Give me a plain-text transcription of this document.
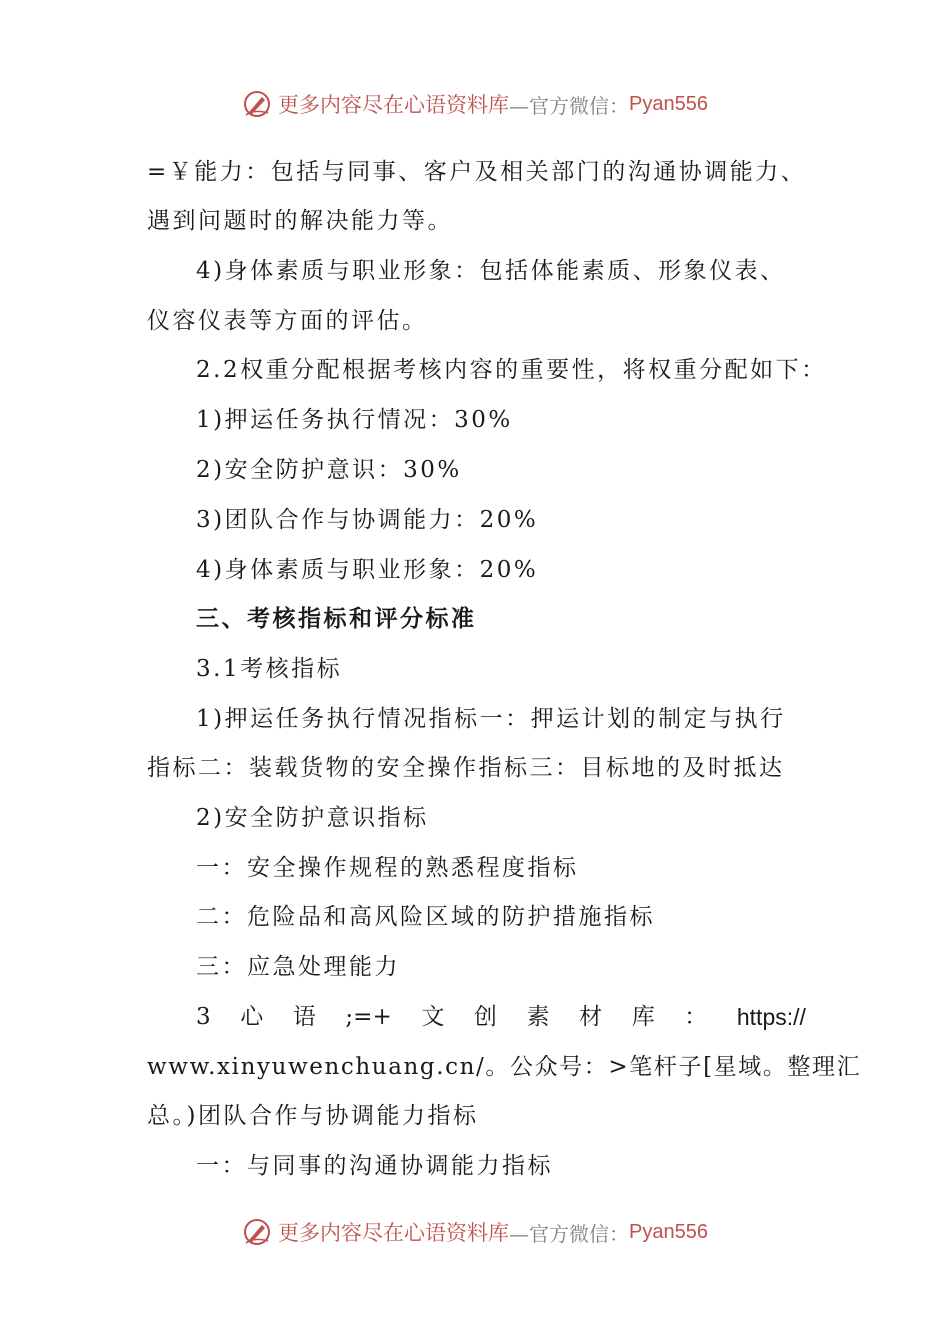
更多内容尽在心语资料库 —官方微信： Pyan556
=￥能力：包括与同事、客户及相关部门的沟通协调能力、
遇到问题时的解决能力等。
4)身体素质与职业形象：包括体能素质、形象仪表、
仪容仪表等方面的评估。
2.2权重分配根据考核内容的重要性，将权重分配如下：
1)押运任务执行情况：30%
2)安全防护意识：30%
3)团队合作与协调能力：20%
4)身体素质与职业形象：20%
三、考核指标和评分标准
3.1考核指标
1)押运任务执行情况指标一：押运计划的制定与执行
指标二：装载货物的安全操作指标三：目标地的及时抵达
2)安全防护意识指标
一：安全操作规程的熟悉程度指标
二：危险品和高风险区域的防护措施指标
三：应急处理能力
3 心 语 ;=+ 文 创 素 材 库 ： https://
www.xinyuwenchuang.cn/。公众号：>笔杆子[星域。整理汇
总。)团队合作与协调能力指标
一：与同事的沟通协调能力指标
更多内容尽在心语资料库 —官方微信： Pyan556
